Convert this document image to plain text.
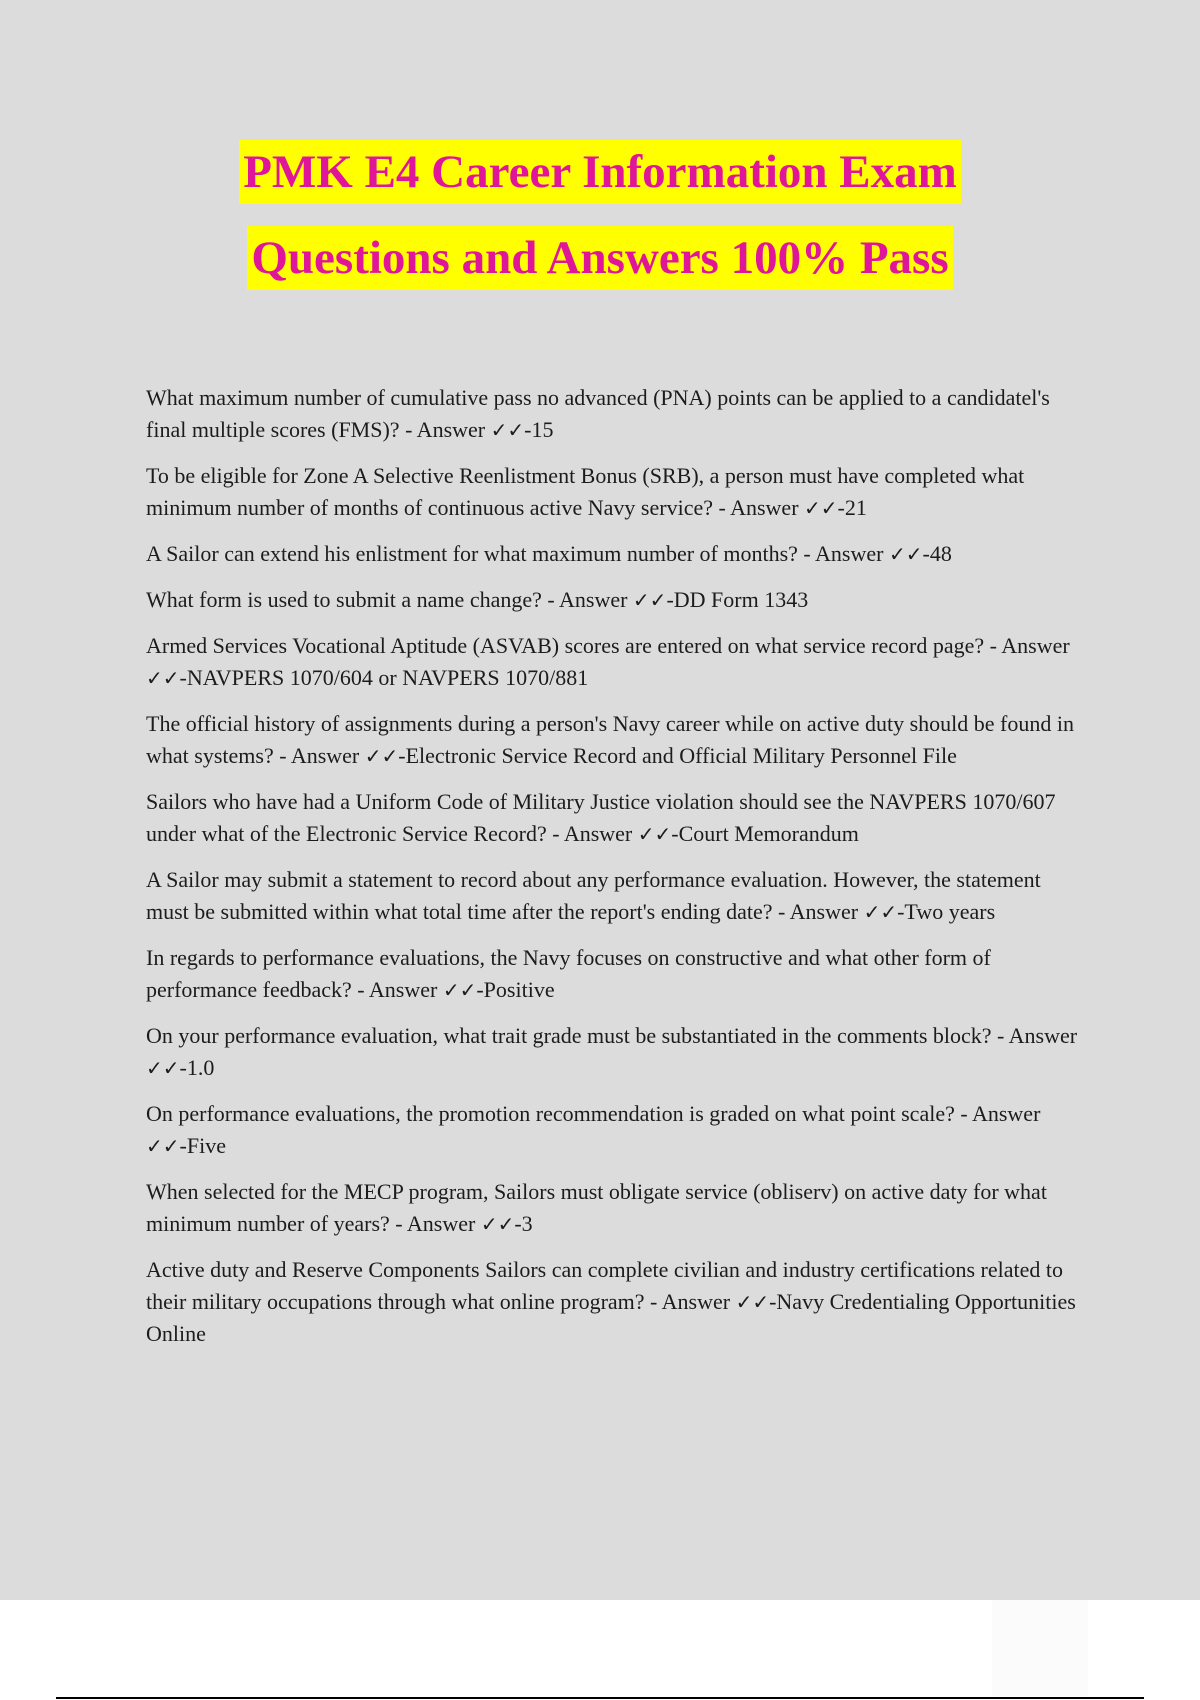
PMK E4 Career Information Exam
Questions and Answers 100% Pass
What maximum number of cumulative pass no advanced (PNA) points can be applied to a candidatel's final multiple scores (FMS)? - Answer ✓✓-15
To be eligible for Zone A Selective Reenlistment Bonus (SRB), a person must have completed what minimum number of months of continuous active Navy service? - Answer ✓✓-21
A Sailor can extend his enlistment for what maximum number of months? - Answer ✓✓-48
What form is used to submit a name change? - Answer ✓✓-DD Form 1343
Armed Services Vocational Aptitude (ASVAB) scores are entered on what service record page? - Answer ✓✓-NAVPERS 1070/604 or NAVPERS 1070/881
The official history of assignments during a person's Navy career while on active duty should be found in what systems? - Answer ✓✓-Electronic Service Record and Official Military Personnel File
Sailors who have had a Uniform Code of Military Justice violation should see the NAVPERS 1070/607 under what of the Electronic Service Record? - Answer ✓✓-Court Memorandum
A Sailor may submit a statement to record about any performance evaluation. However, the statement must be submitted within what total time after the report's ending date? - Answer ✓✓-Two years
In regards to performance evaluations, the Navy focuses on constructive and what other form of performance feedback? - Answer ✓✓-Positive
On your performance evaluation, what trait grade must be substantiated in the comments block? - Answer ✓✓-1.0
On performance evaluations, the promotion recommendation is graded on what point scale? - Answer ✓✓-Five
When selected for the MECP program, Sailors must obligate service (obliserv) on active daty for what minimum number of years? - Answer ✓✓-3
Active duty and Reserve Components Sailors can complete civilian and industry certifications related to their military occupations through what online program? - Answer ✓✓-Navy Credentialing Opportunities Online
